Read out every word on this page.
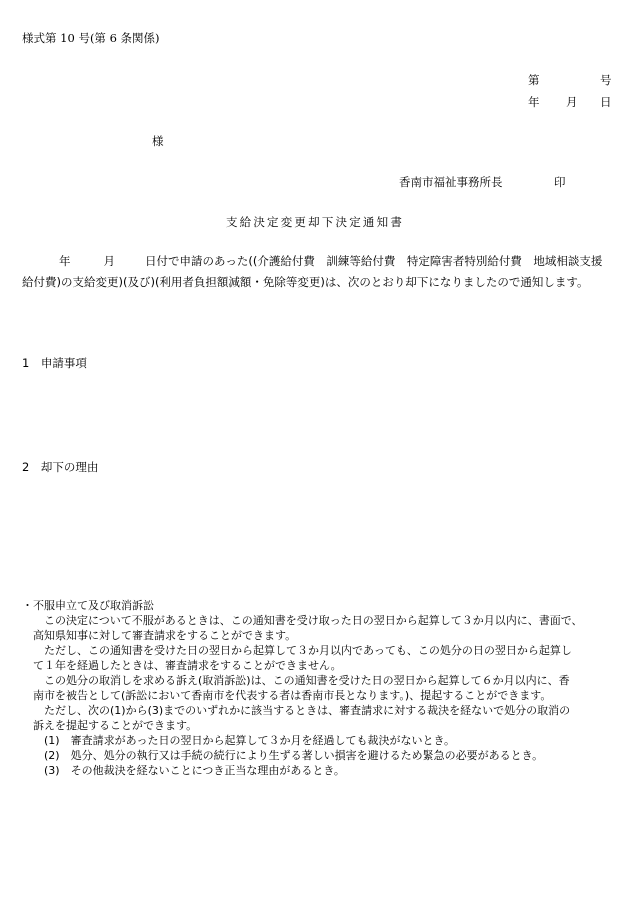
様式第 10 号(第 6 条関係)
第	号
年 月 日
様
香南市福祉事務所長	印
支給決定変更却下決定通知書
年	月	日付で申請のあった((介護給付費　訓練等給付費　特定障害者特別給付費　地域相談支援
給付費)の支給変更)(及び)(利用者負担額減額・免除等変更)は、次のとおり却下になりましたので通知します。
1　申請事項
2　却下の理由
・不服申立て及び取消訴訟
　　この決定について不服があるときは、この通知書を受け取った日の翌日から起算して３か月以内に、書面で、
　高知県知事に対して審査請求をすることができます。
　　ただし、この通知書を受けた日の翌日から起算して３か月以内であっても、この処分の日の翌日から起算し
　て１年を経過したときは、審査請求をすることができません。
　　この処分の取消しを求める訴え(取消訴訟)は、この通知書を受けた日の翌日から起算して６か月以内に、香
　南市を被告として(訴訟において香南市を代表する者は香南市長となります。)、提起することができます。
　　ただし、次の(1)から(3)までのいずれかに該当するときは、審査請求に対する裁決を経ないで処分の取消の
　訴えを提起することができます。
　　(1)　審査請求があった日の翌日から起算して３か月を経過しても裁決がないとき。
　　(2)　処分、処分の執行又は手続の続行により生ずる著しい損害を避けるため緊急の必要があるとき。
　　(3)　その他裁決を経ないことにつき正当な理由があるとき。
